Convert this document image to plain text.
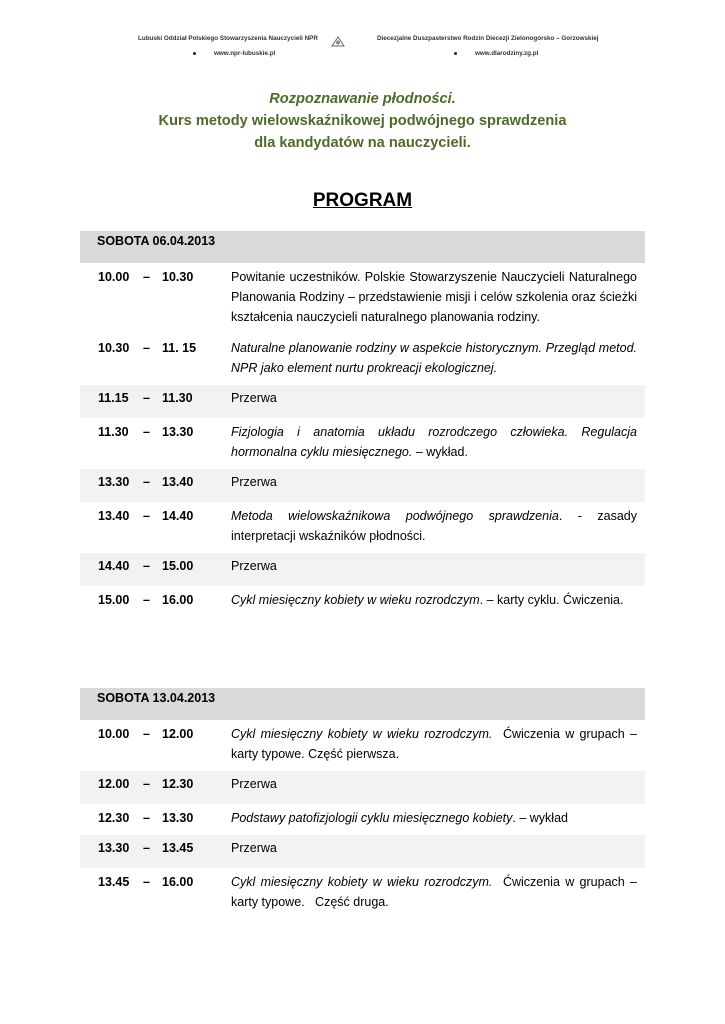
Lubuski Oddział Polskiego Stowarzyszenia Nauczycieli NPR
www.npr-lubuskie.pl
Diecezjalne Duszpasterstwo Rodzin Diecezji Zielonogórsko – Gorzowskiej
www.dlarodziny.zg.pl
Rozpoznawanie płodności.
Kurs metody wielowskaźnikowej podwójnego sprawdzenia
dla kandydatów na nauczycieli.
PROGRAM
SOBOTA 06.04.2013
10.00 – 10.30	Powitanie uczestników. Polskie Stowarzyszenie Nauczycieli Naturalnego Planowania Rodziny – przedstawienie misji i celów szkolenia oraz ścieżki kształcenia nauczycieli naturalnego planowania rodziny.
10.30 – 11. 15	Naturalne planowanie rodziny w aspekcie historycznym. Przegląd metod. NPR jako element nurtu prokreacji ekologicznej.
11.15 – 11.30	Przerwa
11.30 – 13.30	Fizjologia i anatomia układu rozrodczego człowieka. Regulacja hormonalna cyklu miesięcznego. – wykład.
13.30 – 13.40	Przerwa
13.40 – 14.40	Metoda wielowskaźnikowa podwójnego sprawdzenia. - zasady interpretacji wskaźników płodności.
14.40 – 15.00	Przerwa
15.00 – 16.00	Cykl miesięczny kobiety w wieku rozrodczym. – karty cyklu. Ćwiczenia.
SOBOTA 13.04.2013
10.00 – 12.00	Cykl miesięczny kobiety w wieku rozrodczym.  Ćwiczenia w grupach – karty typowe. Część pierwsza.
12.00 – 12.30	Przerwa
12.30 – 13.30	Podstawy patofizjologii cyklu miesięcznego kobiety. – wykład
13.30 – 13.45	Przerwa
13.45 – 16.00	Cykl miesięczny kobiety w wieku rozrodczym.  Ćwiczenia w grupach – karty typowe.   Część druga.
